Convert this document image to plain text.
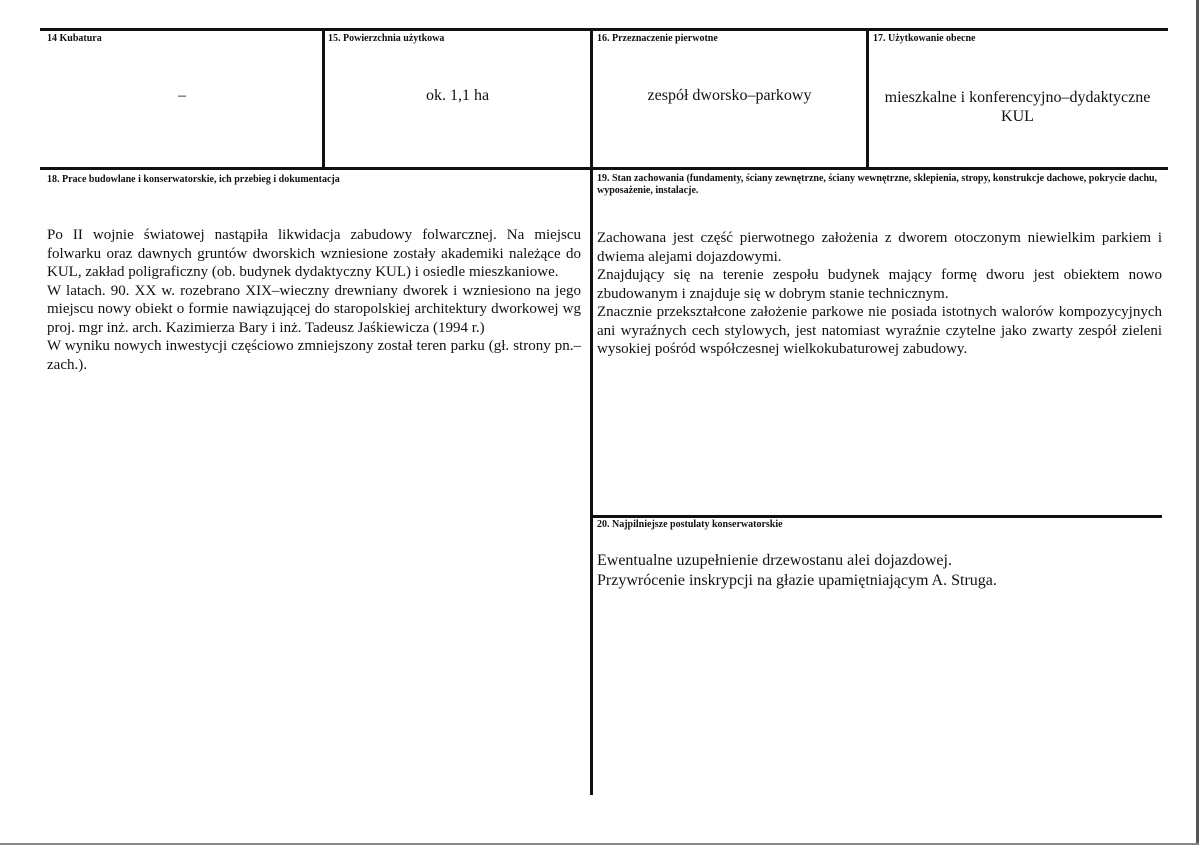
14 Kubatura
–
15. Powierzchnia użytkowa
ok. 1,1 ha
16. Przeznaczenie pierwotne
zespół dworsko–parkowy
17. Użytkowanie obecne
mieszkalne i konferencyjno–dydaktyczne
KUL
18. Prace budowlane i konserwatorskie, ich przebieg i dokumentacja

Po II wojnie światowej nastąpiła likwidacja zabudowy folwarcznej. Na miejscu folwarku oraz dawnych gruntów dworskich wzniesione zostały akademiki należące do KUL, zakład poligraficzny (ob. budynek dydaktyczny KUL) i osiedle mieszkaniowe.

W latach. 90. XX w. rozebrano XIX–wieczny drewniany dworek i wzniesiono na jego miejscu nowy obiekt o formie nawiązującej do staropolskiej architektury dworkowej wg proj. mgr inż. arch. Kazimierza Bary i inż. Tadeusz Jaśkiewicza (1994 r.)

W wyniku nowych inwestycji częściowo zmniejszony został teren parku (gł. strony pn.–zach.).

19. Stan zachowania (fundamenty, ściany zewnętrzne, ściany wewnętrzne, sklepienia, stropy, konstrukcje dachowe, pokrycie dachu, wyposażenie, instalacje.

Zachowana jest część pierwotnego założenia z dworem otoczonym niewielkim parkiem i dwiema alejami dojazdowymi.

Znajdujący się na terenie zespołu budynek mający formę dworu jest obiektem nowo zbudowanym i znajduje się w dobrym stanie technicznym.

Znacznie przekształcone założenie parkowe nie posiada istotnych walorów kompozycyjnych ani wyraźnych cech stylowych, jest natomiast wyraźnie czytelne jako zwarty zespół zieleni wysokiej pośród współczesnej wielkokubaturowej zabudowy.

20. Najpilniejsze postulaty konserwatorskie

Ewentualne uzupełnienie drzewostanu alei dojazdowej.

Przywrócenie inskrypcji na głazie upamiętniającym A. Struga.
